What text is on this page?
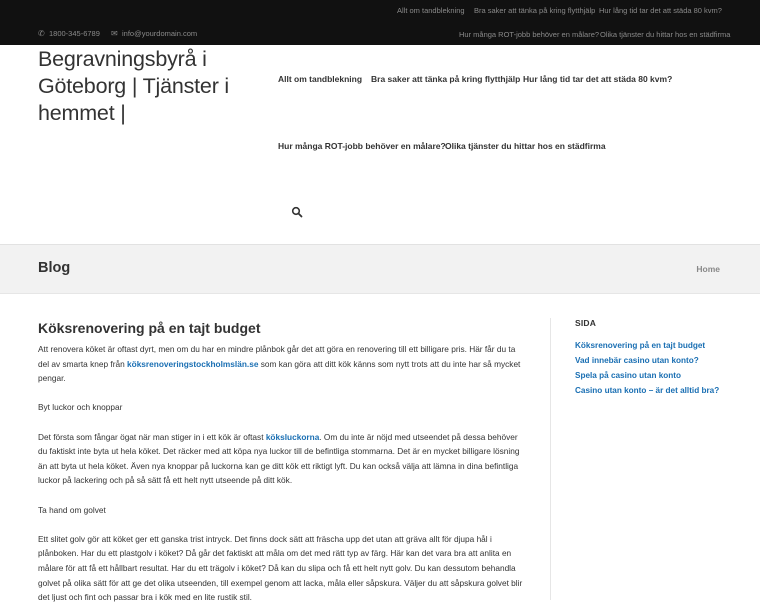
Allt om tandblekning Bra saker att tänka på kring flytthjälp Hur lång tid tar det att städa 80 kvm?
Hur många ROT-jobb behöver en målare? Olika tjänster du hittar hos en städfirma
✆ 1800-345-6789 ✉ info@yourdomain.com
Begravningsbyrå i Göteborg | Tjänster i hemmet |
Allt om tandblekning Bra saker att tänka på kring flytthjälp Hur lång tid tar det att städa 80 kvm?
Hur många ROT-jobb behöver en målare? Olika tjänster du hittar hos en städfirma
Blog	Home
Köksrenovering på en tajt budget

Att renovera köket är oftast dyrt, men om du har en mindre plånbok går det att göra en renovering till ett billigare pris. Här får du ta del av smarta knep från köksrenoveringstockholmslän.se som kan göra att ditt kök känns som nytt trots att du inte har så mycket pengar.

Byt luckor och knoppar

Det första som fångar ögat när man stiger in i ett kök är oftast köksluckorna. Om du inte är nöjd med utseendet på dessa behöver du faktiskt inte byta ut hela köket. Det räcker med att köpa nya luckor till de befintliga stommarna. Det är en mycket billigare lösning än att byta ut hela köket. Även nya knoppar på luckorna kan ge ditt kök ett riktigt lyft. Du kan också välja att lämna in dina befintliga luckor på lackering och på så sätt få ett helt nytt utseende på ditt kök.

Ta hand om golvet

Ett slitet golv gör att köket ger ett ganska trist intryck. Det finns dock sätt att fräscha upp det utan att gräva allt för djupa hål i plånboken. Har du ett plastgolv i köket? Då går det faktiskt att måla om det med rätt typ av färg. Här kan det vara bra att anlita en målare för att få ett hållbart resultat. Har du ett trägolv i köket? Då kan du slipa och få ett helt nytt golv. Du kan dessutom behandla golvet på olika sätt för att ge det olika utseenden, till exempel genom att lacka, måla eller såpskura. Väljer du att såpskura golvet blir det ljust och fint och passar bra i kök med en lite rustik stil.

SIDA
Köksrenovering på en tajt budget
Vad innebär casino utan konto?
Spela på casino utan konto
Casino utan konto – är det alltid bra?
